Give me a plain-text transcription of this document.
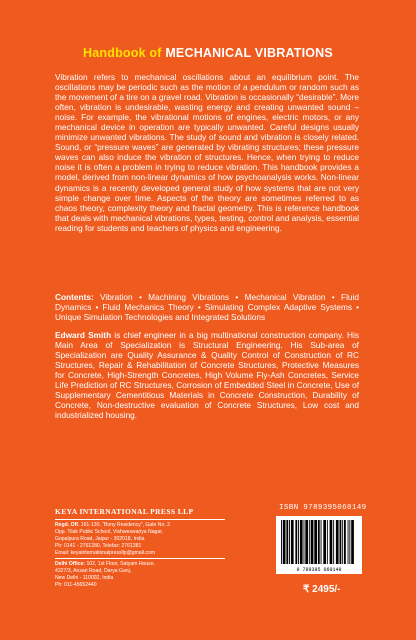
Handbook of MECHANICAL VIBRATIONS
Vibration refers to mechanical oscillations about an equilibrium point. The oscillations may be periodic such as the motion of a pendulum or random such as the movement of a tire on a gravel road. Vibration is occasionally “desirable”. More often, vibration is undesirable, wasting energy and creating unwanted sound – noise. For example, the vibrational motions of engines, electric motors, or any mechanical device in operation are typically unwanted. Careful designs usually minimize unwanted vibrations. The study of sound and vibration is closely related. Sound, or “pressure waves” are generated by vibrating structures; these pressure waves can also induce the vibration of structures. Hence, when trying to reduce noise it is often a problem in trying to reduce vibration. This handbook provides a model, derived from non-linear dynamics of how psychoanalysis works. Non-linear dynamics is a recently developed general study of how systems that are not very simple change over time. Aspects of the theory are sometimes referred to as chaos theory, complexity theory and fractal geometry. This is reference handbook that deals with mechanical vibrations, types, testing, control and analysis, essential reading for students and teachers of physics and engineering.
Contents: Vibration • Machining Vibrations • Mechanical Vibration • Fluid Dynamics • Fluid Mechanics Theory • Simulating Complex Adaptive Systems • Unique Simulation Technologies and Integrated Solutions
Edward Smith is chief engineer in a big multinational construction company. His Main Area of Specialization is Structural Engineering. His Sub-area of Specialization are Quality Assurance & Quality Control of Construction of RC Structures, Repair & Rehabilitation of Concrete Structures, Protective Measures for Concrete, High-Strength Concretes, High Volume Fly-Ash Concretes, Service Life Prediction of RC Structures, Corrosion of Embedded Steel in Concrete, Use of Supplementary Cementitious Materials in Concrete Construction, Durability of Concrete, Non-destructive evaluation of Concrete Structures, Low cost and industrialized housing.
KEYA INTERNATIONAL PRESS LLP
Regd. Off. 161-130, “Bony Residency”, Gate No. 2
Opp. Tilak Public School, Vishweswariya Nagar,
Gopalpura Road, Jaipur - 302018, India
Ph: 0141 - 2761280, Telefax: 2761381
Email: keyainternationalpressllp@gmail.com
Delhi Office: 102, 1st Floor, Satyam House,
4327/3, Ansari Road, Darya Ganj,
New Delhi - 110002, India
Ph: 011-45652440
ISBN 9789395060149
9 789395 060149
₹ 2495/-
